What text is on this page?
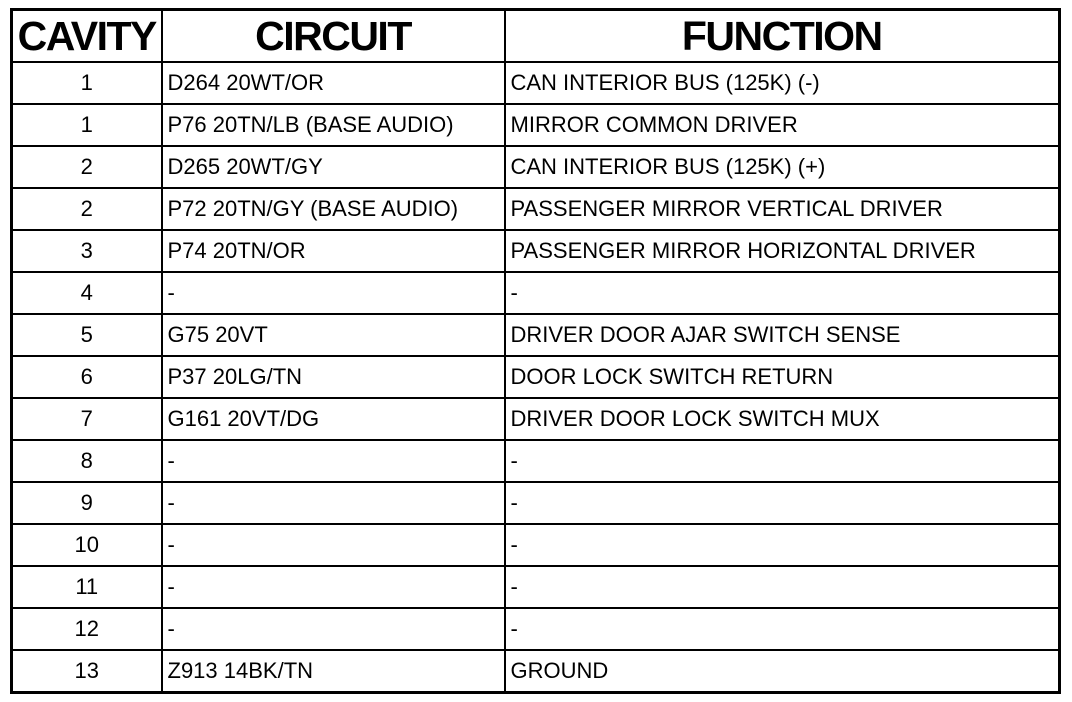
CAVITY	CIRCUIT	FUNCTION
1	D264 20WT/OR	CAN INTERIOR BUS (125K) (-)
1	P76 20TN/LB (BASE AUDIO)	MIRROR COMMON DRIVER
2	D265 20WT/GY	CAN INTERIOR BUS (125K) (+)
2	P72 20TN/GY (BASE AUDIO)	PASSENGER MIRROR VERTICAL DRIVER
3	P74 20TN/OR	PASSENGER MIRROR HORIZONTAL DRIVER
4	-	-
5	G75 20VT	DRIVER DOOR AJAR SWITCH SENSE
6	P37 20LG/TN	DOOR LOCK SWITCH RETURN
7	G161 20VT/DG	DRIVER DOOR LOCK SWITCH MUX
8	-	-
9	-	-
10	-	-
11	-	-
12	-	-
13	Z913 14BK/TN	GROUND
